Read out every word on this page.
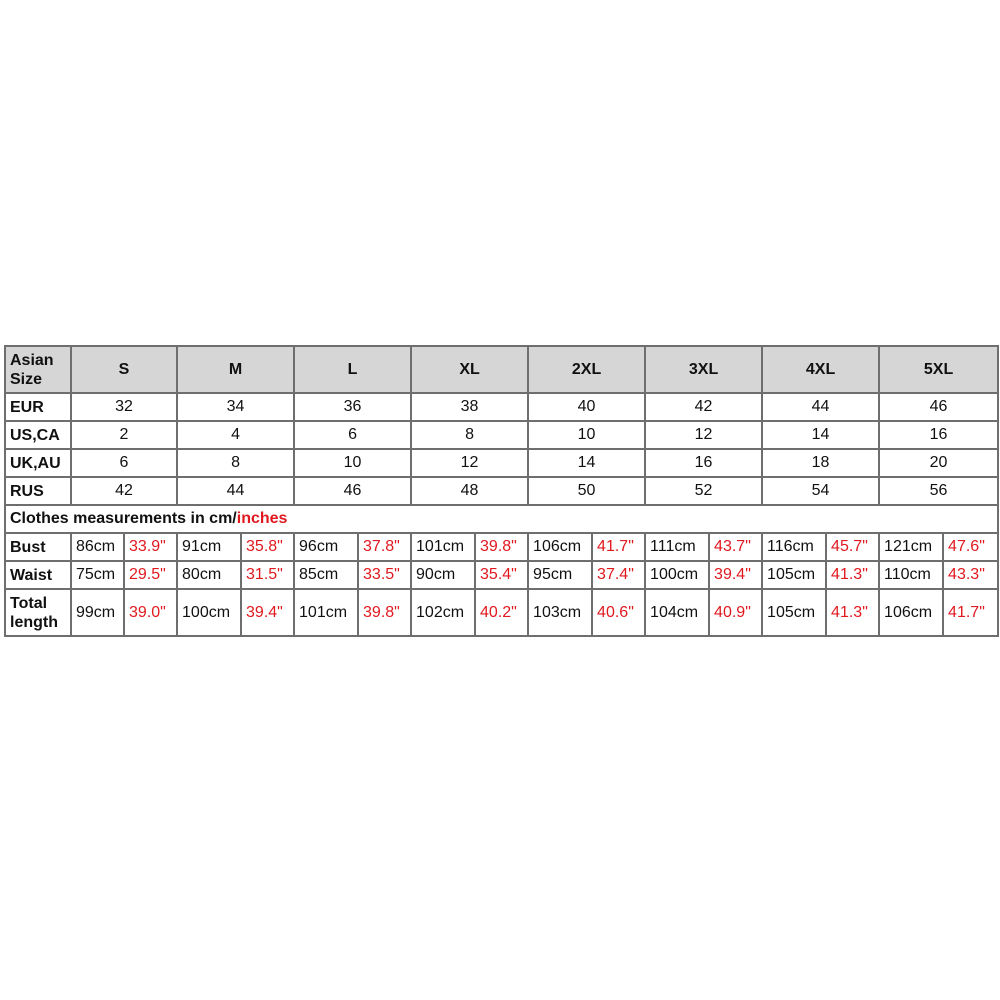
Asian
Size	S		M		L		XL		2XL		3XL		4XL		5XL	
EUR	32		34		36		38		40		42		44		46	
US,CA	2		4		6		8		10		12		14		16	
UK,AU	6		8		10		12		14		16		18		20	
RUS	42		44		46		48		50		52		54		56	
Clothes measurements in cm/inches																
Bust	86cm	33.9"	91cm	35.8"	96cm	37.8"	101cm	39.8"	106cm	41.7"	111cm	43.7"	116cm	45.7"	121cm	47.6"
Waist	75cm	29.5"	80cm	31.5"	85cm	33.5"	90cm	35.4"	95cm	37.4"	100cm	39.4"	105cm	41.3"	110cm	43.3"
Total
length	99cm	39.0"	100cm	39.4"	101cm	39.8"	102cm	40.2"	103cm	40.6"	104cm	40.9"	105cm	41.3"	106cm	41.7"
